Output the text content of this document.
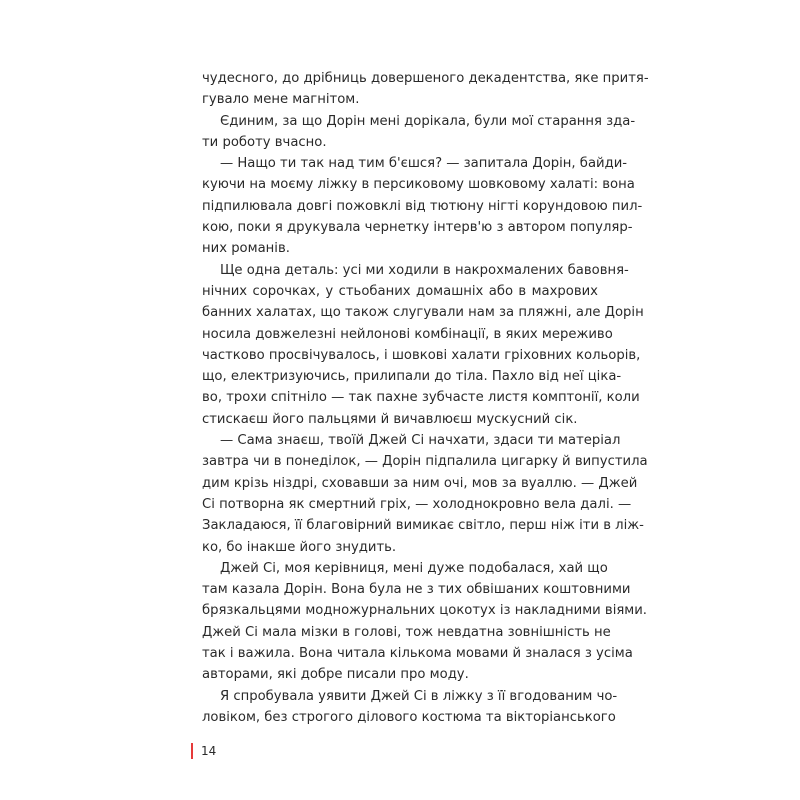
чудесного, до дрібниць довершеного декадентства, яке притя-
гувало мене магнітом.
Єдиним, за що Дорін мені дорікала, були мої старання зда-
ти роботу вчасно.
— Нащо ти так над тим б'єшся? — запитала Дорін, байди-
куючи на моєму ліжку в персиковому шовковому халаті: вона
підпилювала довгі пожовклі від тютюну нігті корундовою пил-
кою, поки я друкувала чернетку інтерв'ю з автором популяр-
них романів.
Ще одна деталь: усі ми ходили в накрохмалених бавовня-
нічних сорочках, у стьобаних домашніх або в махрових
банних халатах, що також слугували нам за пляжні, але Дорін
носила довжелезні нейлонові комбінації, в яких мереживо
частково просвічувалось, і шовкові халати гріховних кольорів,
що, електризуючись, прилипали до тіла. Пахло від неї ціка-
во, трохи спітніло — так пахне зубчасте листя комптонії, коли
стискаєш його пальцями й вичавлюєш мускусний сік.
— Сама знаєш, твоїй Джей Сі начхати, здаси ти матеріал
завтра чи в понеділок, — Дорін підпалила цигарку й випустила
дим крізь ніздрі, сховавши за ним очі, мов за вуаллю. — Джей
Сі потворна як смертний гріх, — холоднокровно вела далі. —
Закладаюся, її благовірний вимикає світло, перш ніж іти в ліж-
ко, бо інакше його знудить.
Джей Сі, моя керівниця, мені дуже подобалася, хай що
там казала Дорін. Вона була не з тих обвішаних коштовними
брязкальцями модножурнальних цокотух із накладними віями.
Джей Сі мала мізки в голові, тож невдатна зовнішність не
так і важила. Вона читала кількома мовами й зналася з усіма
авторами, які добре писали про моду.
Я спробувала уявити Джей Сі в ліжку з її вгодованим чо-
ловіком, без строгого ділового костюма та вікторіанського
14
